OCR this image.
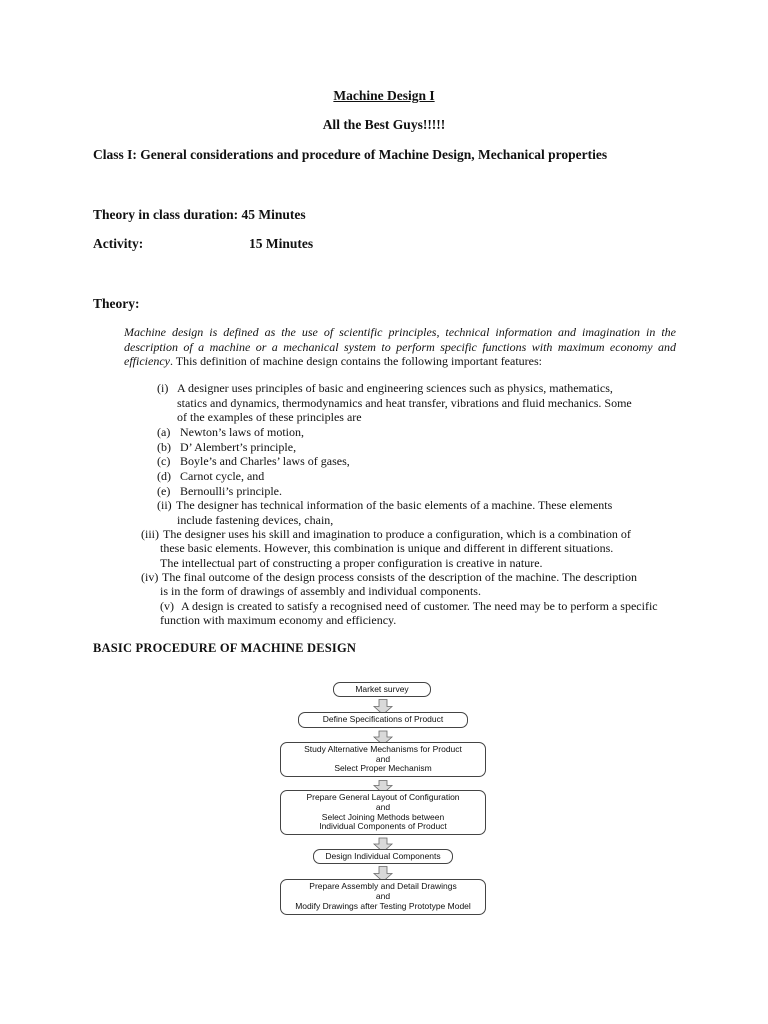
Machine Design I
All the Best Guys!!!!!
Class I: General considerations and procedure of Machine Design, Mechanical properties
Theory in class duration: 45 Minutes
Activity:	15 Minutes
Theory:
Machine design is defined as the use of scientific principles, technical information and imagination in the description of a machine or a mechanical system to perform specific functions with maximum economy and efficiency. This definition of machine design contains the following important features:
(i) A designer uses principles of basic and engineering sciences such as physics, mathematics,
statics and dynamics, thermodynamics and heat transfer, vibrations and fluid mechanics. Some
of the examples of these principles are
(a) Newton’s laws of motion,
(b) D’ Alembert’s principle,
(c) Boyle’s and Charles’ laws of gases,
(d) Carnot cycle, and
(e) Bernoulli’s principle.
(ii) The designer has technical information of the basic elements of a machine. These elements
include fastening devices, chain,
(iii) The designer uses his skill and imagination to produce a configuration, which is a combination of
these basic elements. However, this combination is unique and different in different situations.
The intellectual part of constructing a proper configuration is creative in nature.
(iv) The final outcome of the design process consists of the description of the machine. The description
is in the form of drawings of assembly and individual components.
(v) A design is created to satisfy a recognised need of customer. The need may be to perform a specific
function with maximum economy and efficiency.
BASIC PROCEDURE OF MACHINE DESIGN
Market survey
Define Specifications of Product
Study Alternative Mechanisms for Product
and
Select Proper Mechanism
Prepare General Layout of Configuration
and
Select Joining Methods between
Individual Components of Product
Design Individual Components
Prepare Assembly and Detail Drawings
and
Modify Drawings after Testing Prototype Model
